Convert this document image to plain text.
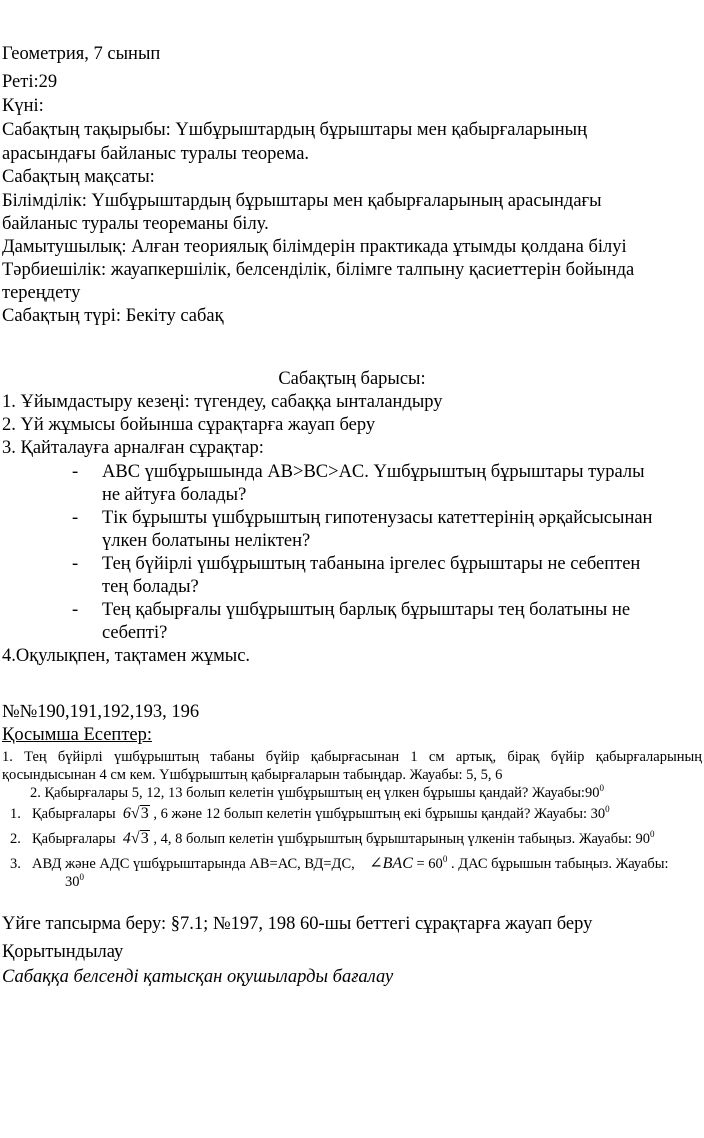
Геометрия, 7 сынып
Реті:29
Күні:
Сабақтың тақырыбы: Үшбұрыштардың бұрыштары мен қабырғаларының
арасындағы байланыс туралы теорема.
Сабақтың мақсаты:
Білімділік: Үшбұрыштардың бұрыштары мен қабырғаларының арасындағы
байланыс туралы теореманы білу.
Дамытушылық: Алған теориялық білімдерін практикада ұтымды қолдана білуі
Тәрбиешілік: жауапкершілік, белсенділік, білімге талпыну қасиеттерін бойында
тереңдету
Сабақтың түрі: Бекіту сабақ
Сабақтың барысы:
1. Ұйымдастыру кезеңі: түгендеу, сабаққа ынталандыру
2. Үй жұмысы бойынша сұрақтарға жауап беру
3. Қайталауға арналған сұрақтар:
- ABC үшбұрышында AB>BC>AC. Үшбұрыштың бұрыштары туралы
не айтуға болады?
- Тік бұрышты үшбұрыштың гипотенузасы катеттерінің әрқайсысынан
үлкен болатыны неліктен?
- Тең бүйірлі үшбұрыштың табанына іргелес бұрыштары не себептен
тең болады?
- Тең қабырғалы үшбұрыштың барлық бұрыштары тең болатыны не
себепті?
4.Оқулықпен, тақтамен жұмыс.
№№190,191,192,193, 196
Қосымша Есептер:
1. Тең бүйірлі үшбұрыштың табаны бүйір қабырғасынан 1 см артық, бірақ бүйір қабырғаларының
қосындысынан 4 см кем. Үшбұрыштың қабырғаларын табыңдар. Жауабы: 5, 5, 6
2. Қабырғалары 5, 12, 13 болып келетін үшбұрыштың ең үлкен бұрышы қандай? $Жауабы:90^0$
1. Қабырғалары 6√3 , 6 және 12 болып келетін үшбұрыштың екі бұрышы қандай? Жауабы: $30^0$
2. Қабырғалары 4√3 , 4, 8 болып келетін үшбұрыштың бұрыштарының үлкенін табыңыз. Жауабы: $90^0$
3. АВД және АДС үшбұрыштарында АВ=АС, ВД=ДС, ∠BAC = $60^0$ . ДАС бұрышын табыңыз. Жауабы:
$30^0$
Үйге тапсырма беру: §7.1; №197, 198 60-шы беттегі сұрақтарға жауап беру
Қорытындылау
Сабаққа белсенді қатысқан оқушыларды бағалау
